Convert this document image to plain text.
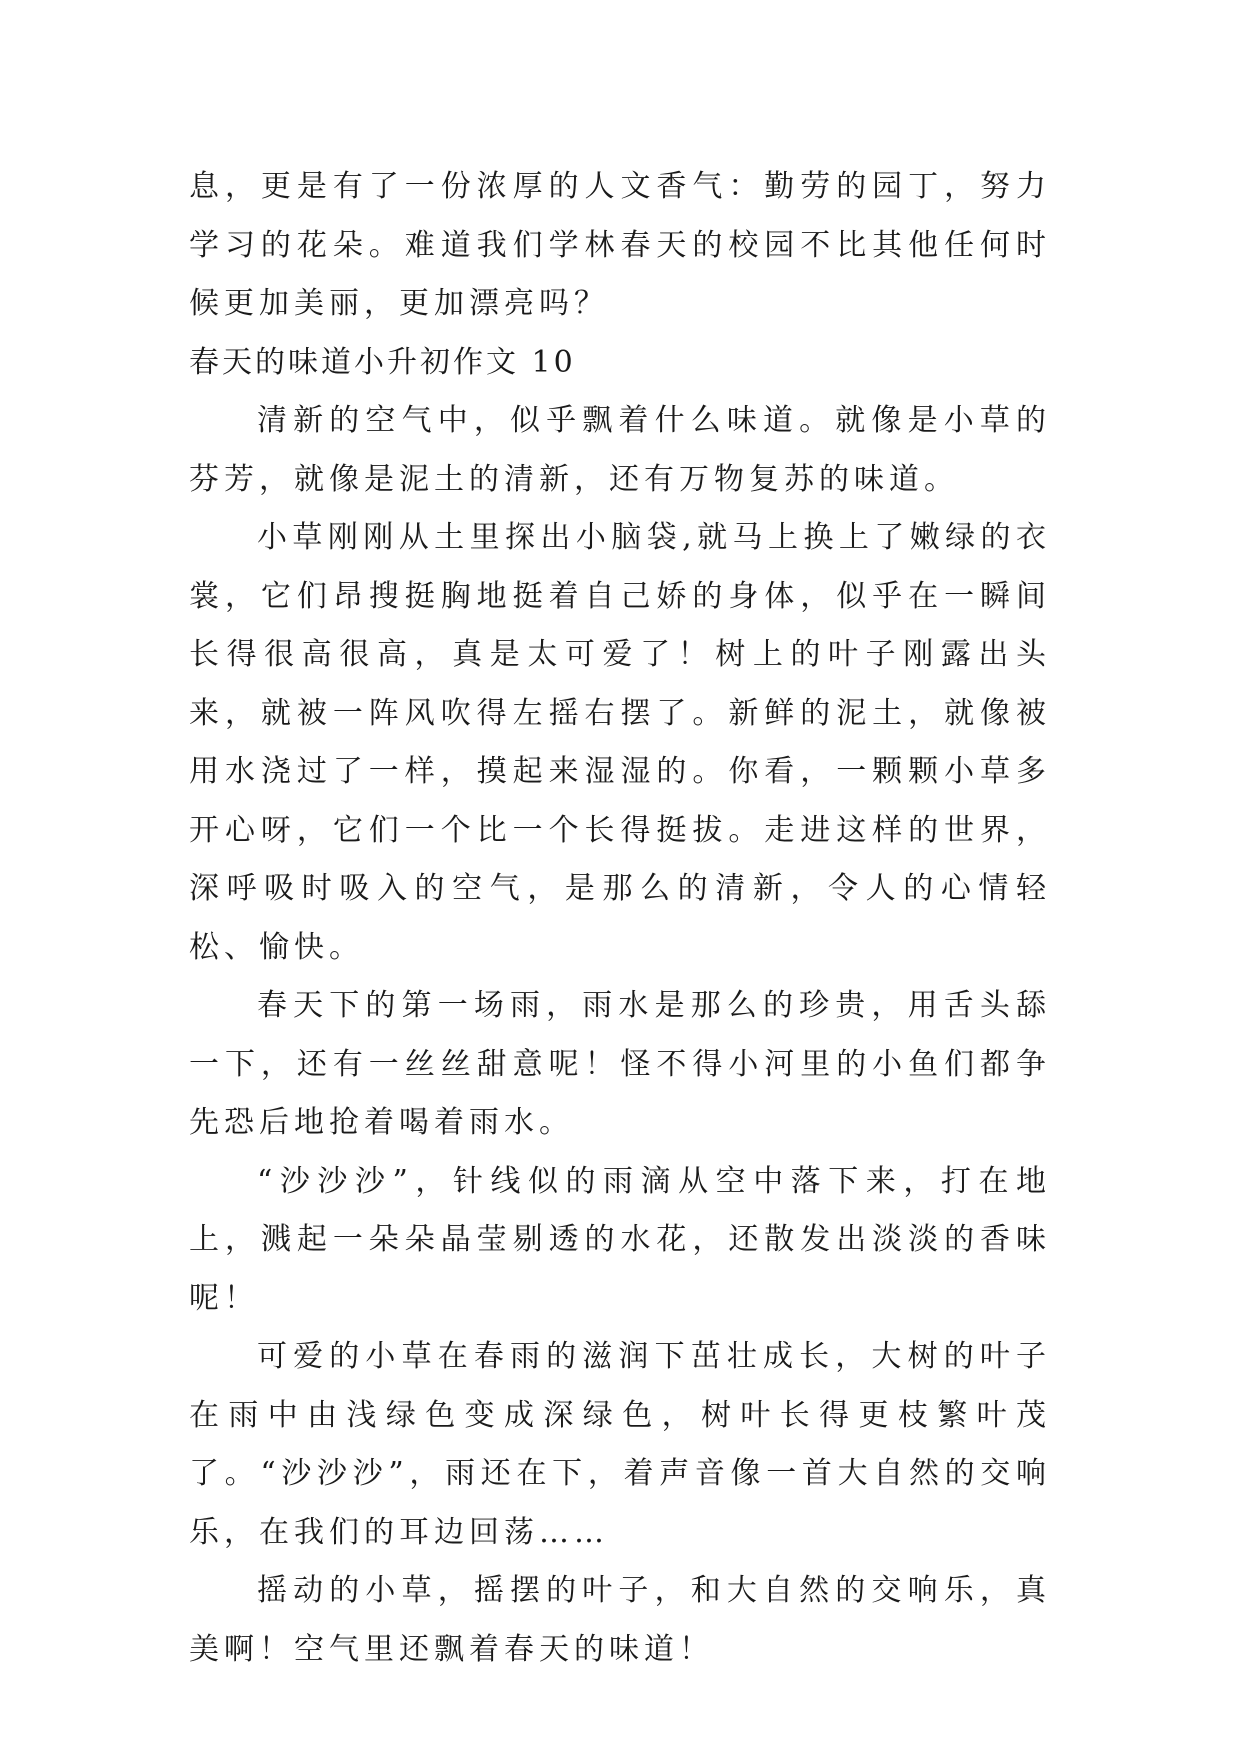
息，更是有了一份浓厚的人文香气：勤劳的园丁，努力学习的花朵。难道我们学林春天的校园不比其他任何时候更加美丽，更加漂亮吗？

春天的味道小升初作文 10

清新的空气中，似乎飘着什么味道。就像是小草的芬芳，就像是泥土的清新，还有万物复苏的味道。

小草刚刚从土里探出小脑袋,就马上换上了嫩绿的衣裳，它们昂搜挺胸地挺着自己娇的身体，似乎在一瞬间长得很高很高，真是太可爱了！树上的叶子刚露出头来，就被一阵风吹得左摇右摆了。新鲜的泥土，就像被用水浇过了一样，摸起来湿湿的。你看，一颗颗小草多开心呀，它们一个比一个长得挺拔。走进这样的世界，深呼吸时吸入的空气，是那么的清新，令人的心情轻松、愉快。

春天下的第一场雨，雨水是那么的珍贵，用舌头舔一下，还有一丝丝甜意呢！怪不得小河里的小鱼们都争先恐后地抢着喝着雨水。

“沙沙沙”，针线似的雨滴从空中落下来，打在地上，溅起一朵朵晶莹剔透的水花，还散发出淡淡的香味呢！

可爱的小草在春雨的滋润下茁壮成长，大树的叶子在雨中由浅绿色变成深绿色，树叶长得更枝繁叶茂了。“沙沙沙”，雨还在下，着声音像一首大自然的交响乐，在我们的耳边回荡……

摇动的小草，摇摆的叶子，和大自然的交响乐，真美啊！空气里还飘着春天的味道！
